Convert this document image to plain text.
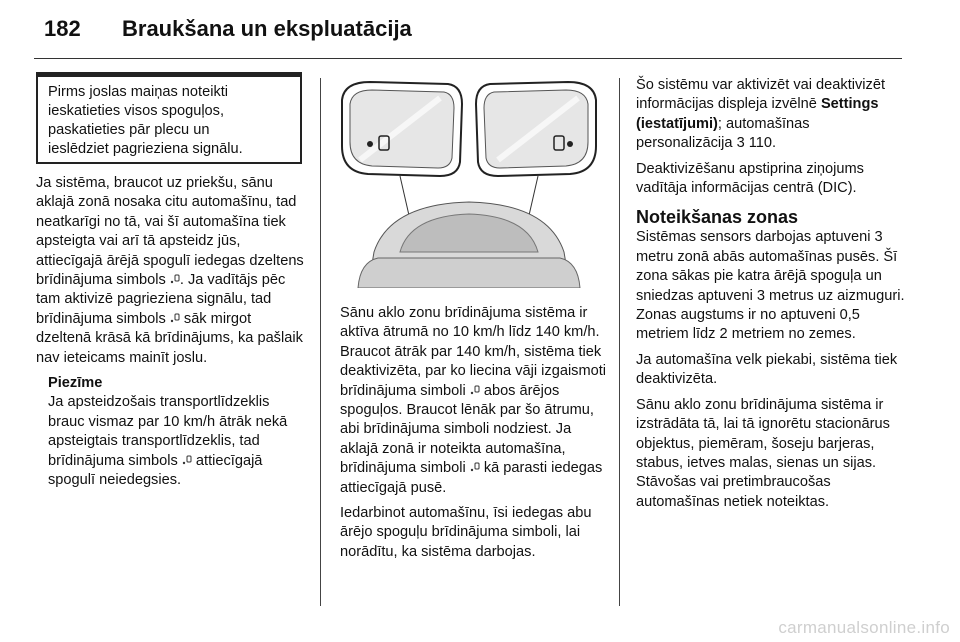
182 Braukšana un ekspluatācija
Pirms joslas maiņas noteikti
ieskatieties visos spoguļos,
paskatieties pār plecu un
ieslēdziet pagrieziena signālu.

Ja sistēma, braucot uz priekšu, sānu aklajā zonā nosaka citu automašīnu, tad neatkarīgi no tā, vai šī automašīna tiek apsteigta vai arī tā apsteidz jūs, attiecīgajā ārējā spogulī iedegas dzeltens brīdinājuma simbols . Ja vadītājs pēc tam aktivizē pagrieziena signālu, tad brīdinājuma simbols  sāk mirgot dzeltenā krāsā kā brīdinājums, ka pašlaik nav ieteicams mainīt joslu.

Piezīme
Ja apsteidzošais transportlīdzeklis brauc vismaz par 10 km/h ātrāk nekā apsteigtais transportlīdzeklis, tad brīdinājuma simbols  attiecīgajā spogulī neiedegsies.

Sānu aklo zonu brīdinājuma sistēma ir aktīva ātrumā no 10 km/h līdz 140 km/h. Braucot ātrāk par 140 km/h, sistēma tiek deaktivizēta, par ko liecina vāji izgaismoti brīdinājuma simboli  abos ārējos spoguļos. Braucot lēnāk par šo ātrumu, abi brīdinājuma simboli nodziest. Ja aklajā zonā ir noteikta automašīna, brīdinājuma simboli  kā parasti iedegas attiecīgajā pusē.

Iedarbinot automašīnu, īsi iedegas abu ārējo spoguļu brīdinājuma simboli, lai norādītu, ka sistēma darbojas.

Šo sistēmu var aktivizēt vai deaktivizēt informācijas displeja izvēlnē Settings (iestatījumi); automašīnas personalizācija 3 110.

Deaktivizēšanu apstiprina ziņojums vadītāja informācijas centrā (DIC).

Noteikšanas zonas

Sistēmas sensors darbojas aptuveni 3 metru zonā abās automašīnas pusēs. Šī zona sākas pie katra ārējā spoguļa un sniedzas aptuveni 3 metrus uz aizmuguri. Zonas augstums ir no aptuveni 0,5 metriem līdz 2 metriem no zemes.

Ja automašīna velk piekabi, sistēma tiek deaktivizēta.

Sānu aklo zonu brīdinājuma sistēma ir izstrādāta tā, lai tā ignorētu stacionārus objektus, piemēram, šoseju barjeras, stabus, ietves malas, sienas un sijas. Stāvošas vai pretimbraucošas automašīnas netiek noteiktas.

carmanualsonline.info
